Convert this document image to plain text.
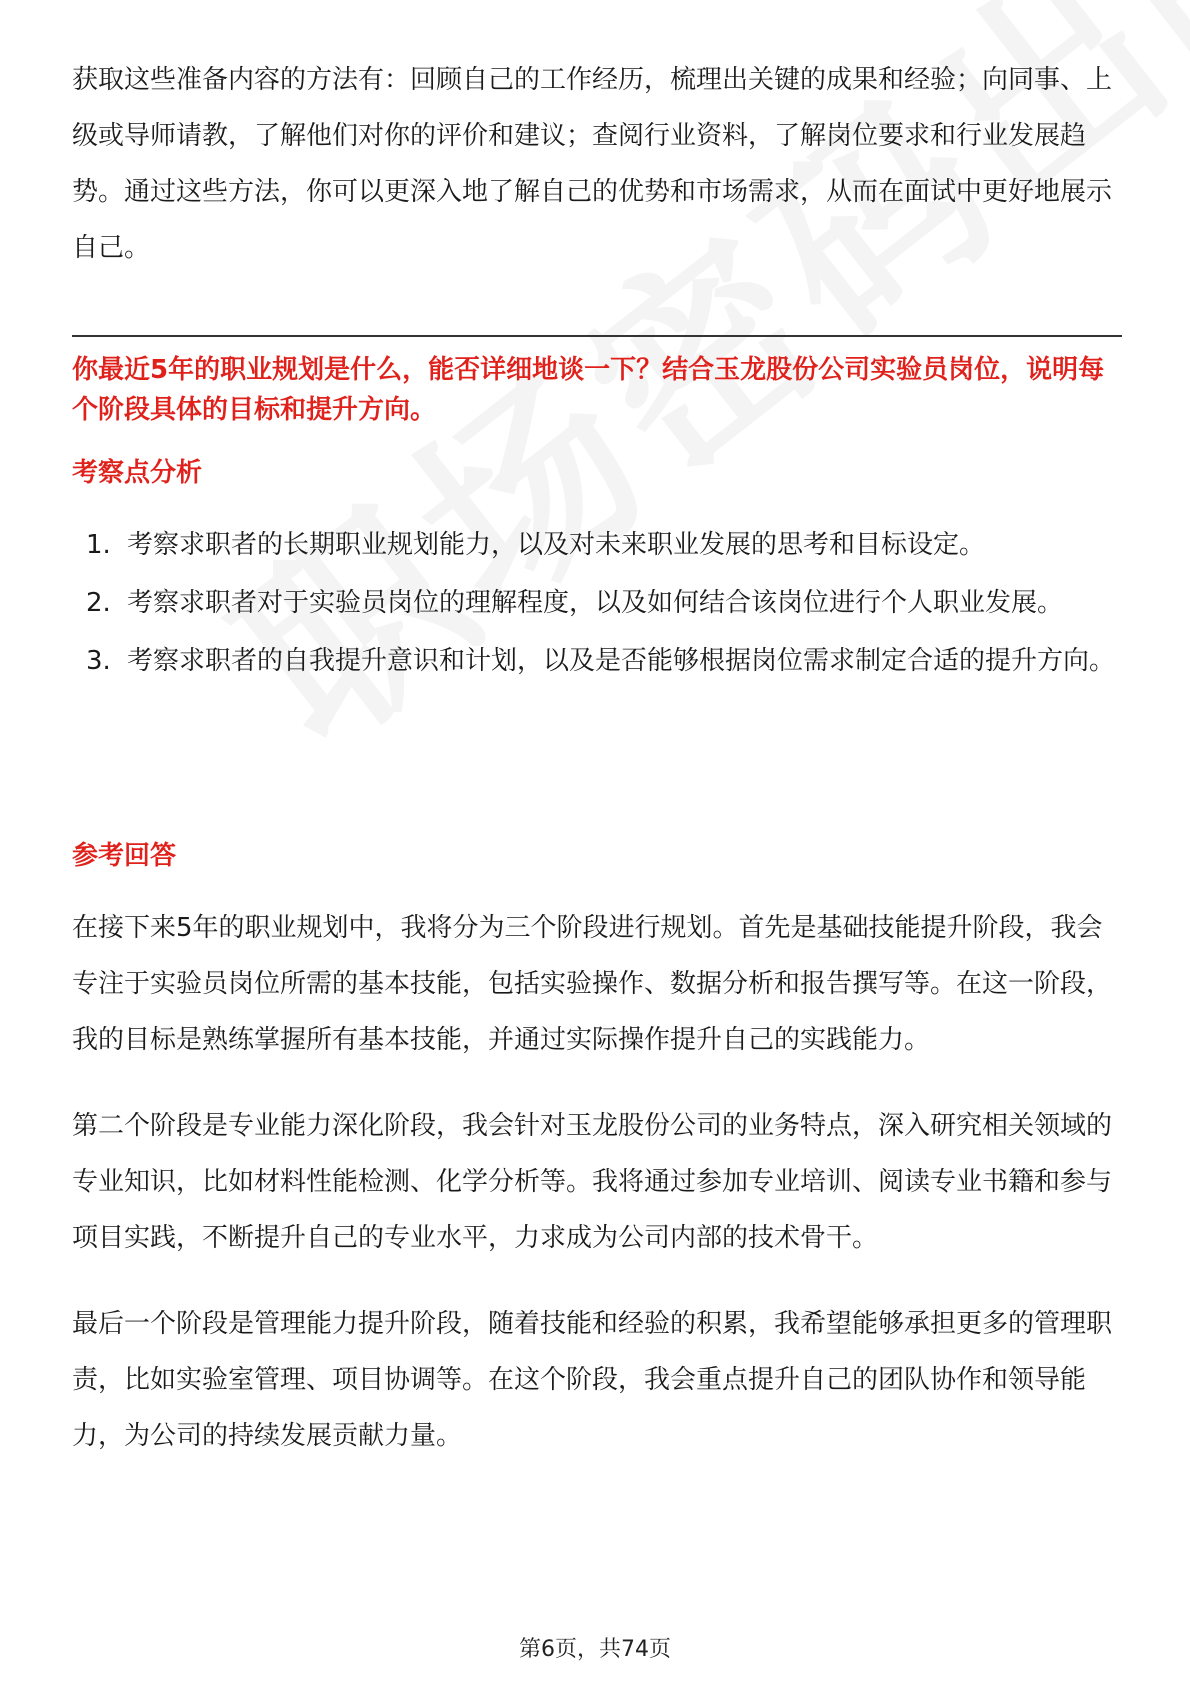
获取这些准备内容的方法有：回顾自己的工作经历，梳理出关键的成果和经验；向同事、上级或导师请教，了解他们对你的评价和建议；查阅行业资料，了解岗位要求和行业发展趋势。通过这些方法，你可以更深入地了解自己的优势和市场需求，从而在面试中更好地展示自己。

你最近5年的职业规划是什么，能否详细地谈一下？结合玉龙股份公司实验员岗位，说明每个阶段具体的目标和提升方向。
考察点分析
1. 考察求职者的长期职业规划能力，以及对未来职业发展的思考和目标设定。
2. 考察求职者对于实验员岗位的理解程度，以及如何结合该岗位进行个人职业发展。
3. 考察求职者的自我提升意识和计划，以及是否能够根据岗位需求制定合适的提升方向。
参考回答

在接下来5年的职业规划中，我将分为三个阶段进行规划。首先是基础技能提升阶段，我会专注于实验员岗位所需的基本技能，包括实验操作、数据分析和报告撰写等。在这一阶段，我的目标是熟练掌握所有基本技能，并通过实际操作提升自己的实践能力。

第二个阶段是专业能力深化阶段，我会针对玉龙股份公司的业务特点，深入研究相关领域的专业知识，比如材料性能检测、化学分析等。我将通过参加专业培训、阅读专业书籍和参与项目实践，不断提升自己的专业水平，力求成为公司内部的技术骨干。

最后一个阶段是管理能力提升阶段，随着技能和经验的积累，我希望能够承担更多的管理职责，比如实验室管理、项目协调等。在这个阶段，我会重点提升自己的团队协作和领导能力，为公司的持续发展贡献力量。

第6页，共74页
